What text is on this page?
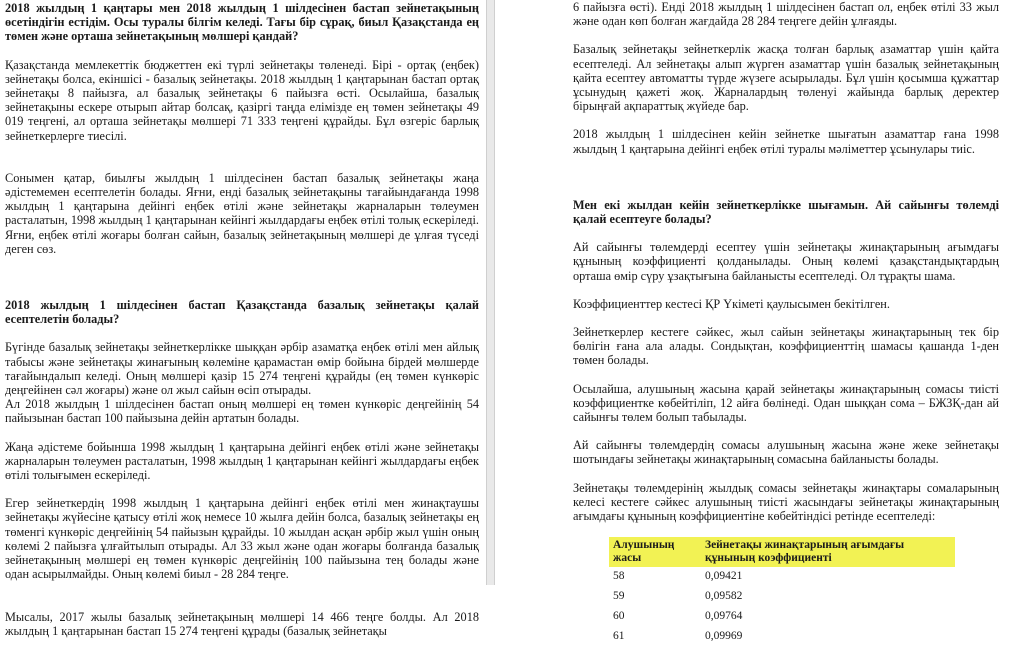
2018 жылдың 1 қаңтары мен 2018 жылдың 1 шілдесінен бастап зейнетақының өсетіндігін естідім. Осы туралы білгім келеді. Тағы бір сұрақ, биыл Қазақстанда ең төмен және орташа зейнетақының мөлшері қандай?

Қазақстанда мемлекеттік бюджеттен екі түрлі зейнетақы төленеді. Бірі - ортақ (еңбек) зейнетақы болса, екіншісі - базалық зейнетақы. 2018 жылдың 1 қаңтарынан бастап ортақ зейнетақы 8 пайызға, ал базалық зейнетақы 6 пайызға өсті. Осылайша, базалық зейнетақыны ескере отырып айтар болсақ, қазіргі таңда елімізде ең төмен зейнетақы 49 019 теңгені, ал орташа зейнетақы мөлшері 71 333 теңгені құрайды. Бұл өзгеріс барлық зейнеткерлерге тиесілі.

Сонымен қатар, биылғы жылдың 1 шілдесінен бастап базалық зейнетақы жаңа әдістемемен есептелетін болады. Яғни, енді базалық зейнетақыны тағайындағанда 1998 жылдың 1 қаңтарына дейінгі еңбек өтілі және зейнетақы жарналарын төлеумен расталатын, 1998 жылдың 1 қаңтарынан кейінгі жылдардағы еңбек өтілі толық ескеріледі. Яғни, еңбек өтілі жоғары болған сайын, базалық зейнетақының мөлшері де ұлғая түседі деген сөз.

2018 жылдың 1 шілдесінен бастап Қазақстанда базалық зейнетақы қалай есептелетін болады?

Бүгінде базалық зейнетақы зейнеткерлікке шыққан әрбір азаматқа еңбек өтілі мен айлық табысы және зейнетақы жинағының көлеміне қарамастан өмір бойына бірдей мөлшерде тағайындалып келеді. Оның мөлшері қазір 15 274 теңгені құрайды (ең төмен күнкөріс деңгейінен сәл жоғары) және ол жыл сайын өсіп отырады.

Ал 2018 жылдың 1 шілдесінен бастап оның мөлшері ең төмен күнкөріс деңгейінің 54 пайызынан бастап 100 пайызына дейін артатын болады.

Жаңа әдістеме бойынша 1998 жылдың 1 қаңтарына дейінгі еңбек өтілі және зейнетақы жарналарын төлеумен расталатын, 1998 жылдың 1 қаңтарынан кейінгі жылдардағы еңбек өтілі толығымен ескеріледі.

Егер зейнеткердің 1998 жылдың 1 қаңтарына дейінгі еңбек өтілі мен жинақтаушы зейнетақы жүйесіне қатысу өтілі жоқ немесе 10 жылға дейін болса, базалық зейнетақы ең төменгі күнкөріс деңгейінің 54 пайызын құрайды. 10 жылдан асқан әрбір жыл үшін оның көлемі 2 пайызға ұлғайтылып отырады. Ал 33 жыл және одан жоғары болғанда базалық зейнетақының мөлшері ең төмен күнкөріс деңгейінің 100 пайызына тең болады және одан асырылмайды. Оның көлемі биыл - 28 284 теңге.

Мысалы, 2017 жылы базалық зейнетақының мөлшері 14 466 теңге болды. Ал 2018 жылдың 1 қаңтарынан бастап 15 274 теңгені құрады (базалық зейнетақы

6 пайызға өсті). Енді 2018 жылдың 1 шілдесінен бастап ол, еңбек өтілі 33 жыл және одан көп болған жағдайда 28 284 теңгеге дейін ұлғаяды.

Базалық зейнетақы зейнеткерлік жасқа толған барлық азаматтар үшін қайта есептеледі. Ал зейнетақы алып жүрген азаматтар үшін базалық зейнетақының қайта есептеу автоматты түрде жүзеге асырылады. Бұл үшін қосымша құжаттар ұсынудың қажеті жоқ. Жарналардың төленуі жайында барлық деректер бірыңғай ақпараттық жүйеде бар.

2018 жылдың 1 шілдесінен кейін зейнетке шығатын азаматтар ғана 1998 жылдың 1 қаңтарына дейінгі еңбек өтілі туралы мәліметтер ұсынулары тиіс.

Мен екі жылдан кейін зейнеткерлікке шығамын. Ай сайынғы төлемді қалай есептеуге болады?

Ай сайынғы төлемдерді есептеу үшін зейнетақы жинақтарының ағымдағы құнының коэффициенті қолданылады. Оның көлемі қазақстандықтардың орташа өмір сүру ұзақтығына байланысты есептеледі. Ол тұрақты шама.

Коэффициенттер кестесі ҚР Үкіметі қаулысымен бекітілген.

Зейнеткерлер кестеге сәйкес, жыл сайын зейнетақы жинақтарының тек бір бөлігін ғана ала алады. Сондықтан, коэффициенттің шамасы қашанда 1-ден төмен болады.

Осылайша, алушының жасына қарай зейнетақы жинақтарының сомасы тиісті коэффициентке көбейтіліп, 12 айға бөлінеді. Одан шыққан сома – БЖЗҚ-дан ай сайынғы төлем болып табылады.

Ай сайынғы төлемдердің сомасы алушының жасына және жеке зейнетақы шотындағы зейнетақы жинақтарының сомасына байланысты болады.

Зейнетақы төлемдерінің жылдық сомасы зейнетақы жинақтары сомаларының келесі кестеге сәйкес алушының тиісті жасындағы зейнетақы жинақтарының ағымдағы құнының коэффициентіне көбейтіндісі ретінде есептеледі:

Алушының жасы	Зейнетақы жинақтарының ағымдағы құнының коэффициенті
58	0,09421
59	0,09582
60	0,09764
61	0,09969
